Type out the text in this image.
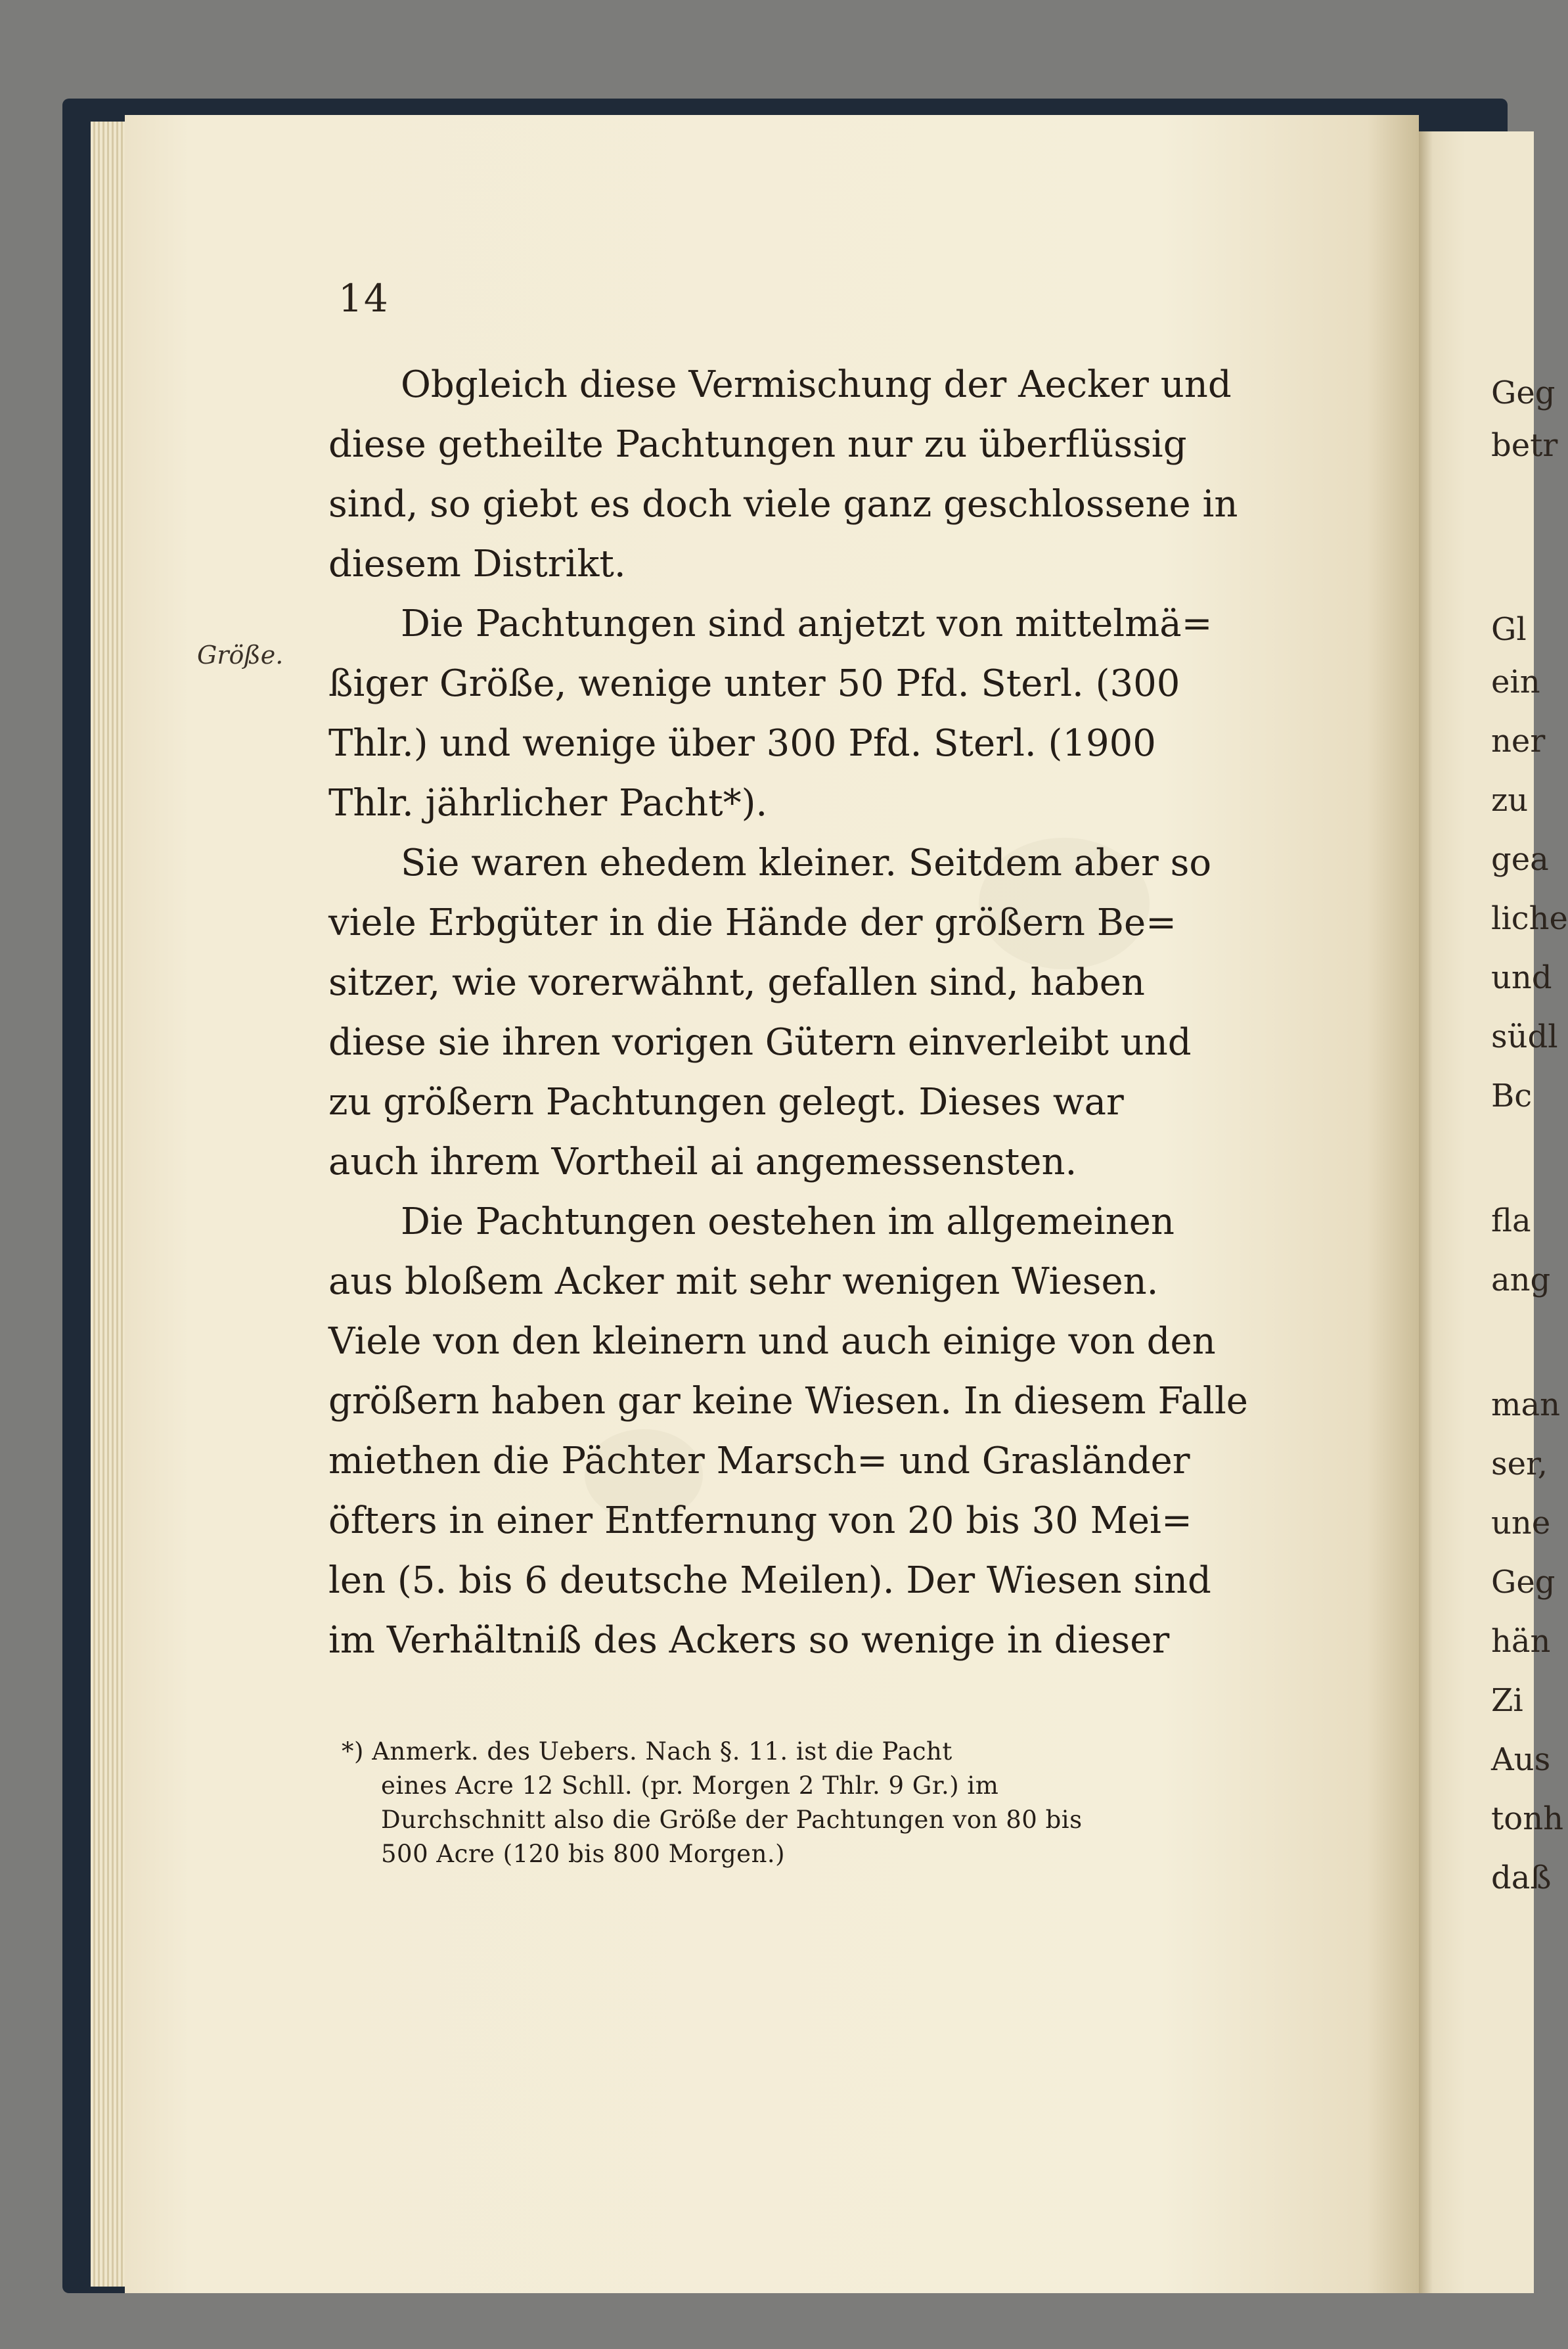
14
Größe.

Obgleich diese Vermischung der Aecker und
diese getheilte Pachtungen nur zu überflüssig
sind, so giebt es doch viele ganz geschlossene in
diesem Distrikt.

Die Pachtungen sind anjetzt von mittelmä=
ßiger Größe, wenige unter 50 Pfd. Sterl. (300
Thlr.) und wenige über 300 Pfd. Sterl. (1900
Thlr. jährlicher Pacht*).

Sie waren ehedem kleiner. Seitdem aber so
viele Erbgüter in die Hände der größern Be=
sitzer, wie vorerwähnt, gefallen sind, haben
diese sie ihren vorigen Gütern einverleibt und
zu größern Pachtungen gelegt. Dieses war
auch ihrem Vortheil ai angemessensten.

Die Pachtungen oestehen im allgemeinen
aus bloßem Acker mit sehr wenigen Wiesen.
Viele von den kleinern und auch einige von den
größern haben gar keine Wiesen. In diesem Falle
miethen die Pächter Marsch= und Grasländer
öfters in einer Entfernung von 20 bis 30 Mei=
len (5. bis 6 deutsche Meilen). Der Wiesen sind
im Verhältniß des Ackers so wenige in dieser

*) Anmerk. des Uebers. Nach §. 11. ist die Pacht
eines Acre 12 Schll. (pr. Morgen 2 Thlr. 9 Gr.) im
Durchschnitt also die Größe der Pachtungen von 80 bis
500 Acre (120 bis 800 Morgen.)
Geg
betr
Gl
ein
ner
zu
gea
liche
und
südl
Bc
fla
ang
man
ser,
une
Geg
hän
Zi
Aus
tonh
daß
